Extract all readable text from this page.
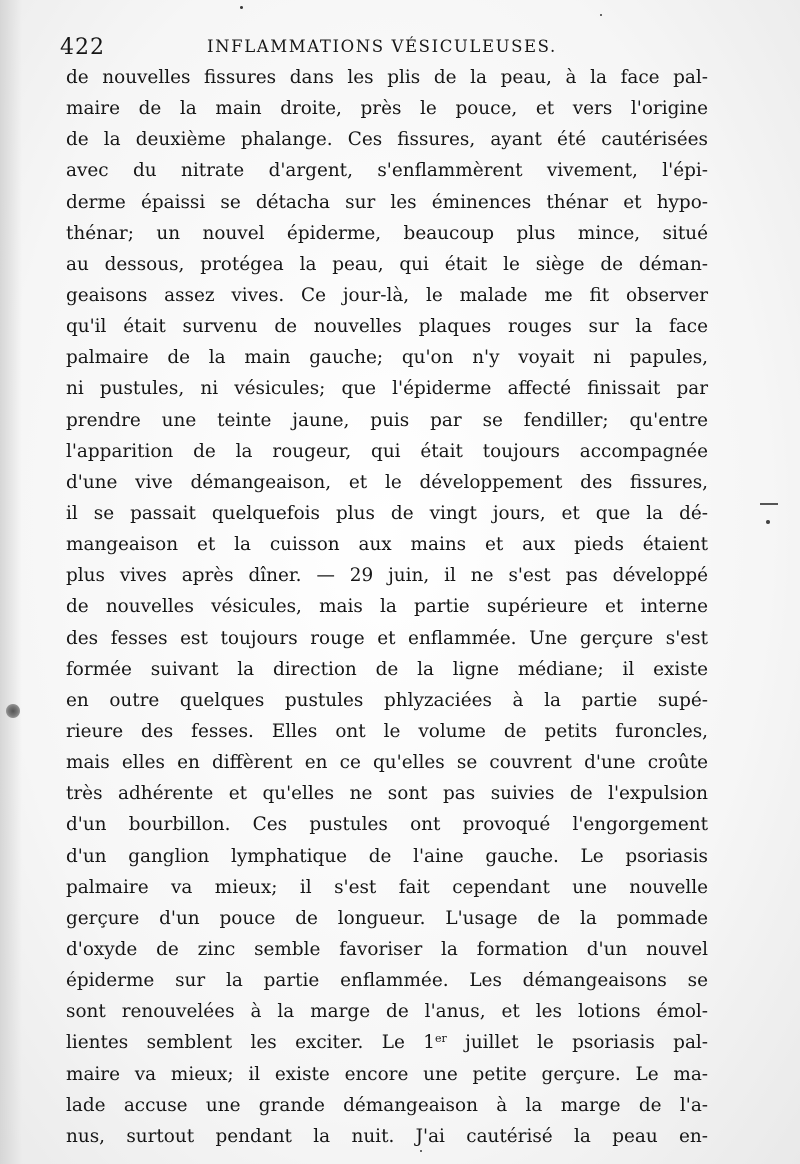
422	INFLAMMATIONS VÉSICULEUSES.
de nouvelles fissures dans les plis de la peau, à la face pal-
maire de la main droite, près le pouce, et vers l'origine
de la deuxième phalange. Ces fissures, ayant été cautérisées
avec du nitrate d'argent, s'enflammèrent vivement, l'épi-
derme épaissi se détacha sur les éminences thénar et hypo-
thénar; un nouvel épiderme, beaucoup plus mince, situé
au dessous, protégea la peau, qui était le siège de déman-
geaisons assez vives. Ce jour-là, le malade me fit observer
qu'il était survenu de nouvelles plaques rouges sur la face
palmaire de la main gauche; qu'on n'y voyait ni papules,
ni pustules, ni vésicules; que l'épiderme affecté finissait par
prendre une teinte jaune, puis par se fendiller; qu'entre
l'apparition de la rougeur, qui était toujours accompagnée
d'une vive démangeaison, et le développement des fissures,
il se passait quelquefois plus de vingt jours, et que la dé-
mangeaison et la cuisson aux mains et aux pieds étaient
plus vives après dîner. — 29 juin, il ne s'est pas développé
de nouvelles vésicules, mais la partie supérieure et interne
des fesses est toujours rouge et enflammée. Une gerçure s'est
formée suivant la direction de la ligne médiane; il existe
en outre quelques pustules phlyzaciées à la partie supé-
rieure des fesses. Elles ont le volume de petits furoncles,
mais elles en diffèrent en ce qu'elles se couvrent d'une croûte
très adhérente et qu'elles ne sont pas suivies de l'expulsion
d'un bourbillon. Ces pustules ont provoqué l'engorgement
d'un ganglion lymphatique de l'aine gauche. Le psoriasis
palmaire va mieux; il s'est fait cependant une nouvelle
gerçure d'un pouce de longueur. L'usage de la pommade
d'oxyde de zinc semble favoriser la formation d'un nouvel
épiderme sur la partie enflammée. Les démangeaisons se
sont renouvelées à la marge de l'anus, et les lotions émol-
lientes semblent les exciter. Le 1er juillet le psoriasis pal-
maire va mieux; il existe encore une petite gerçure. Le ma-
lade accuse une grande démangeaison à la marge de l'a-
nus, surtout pendant la nuit. J'ai cautérisé la peau en-
